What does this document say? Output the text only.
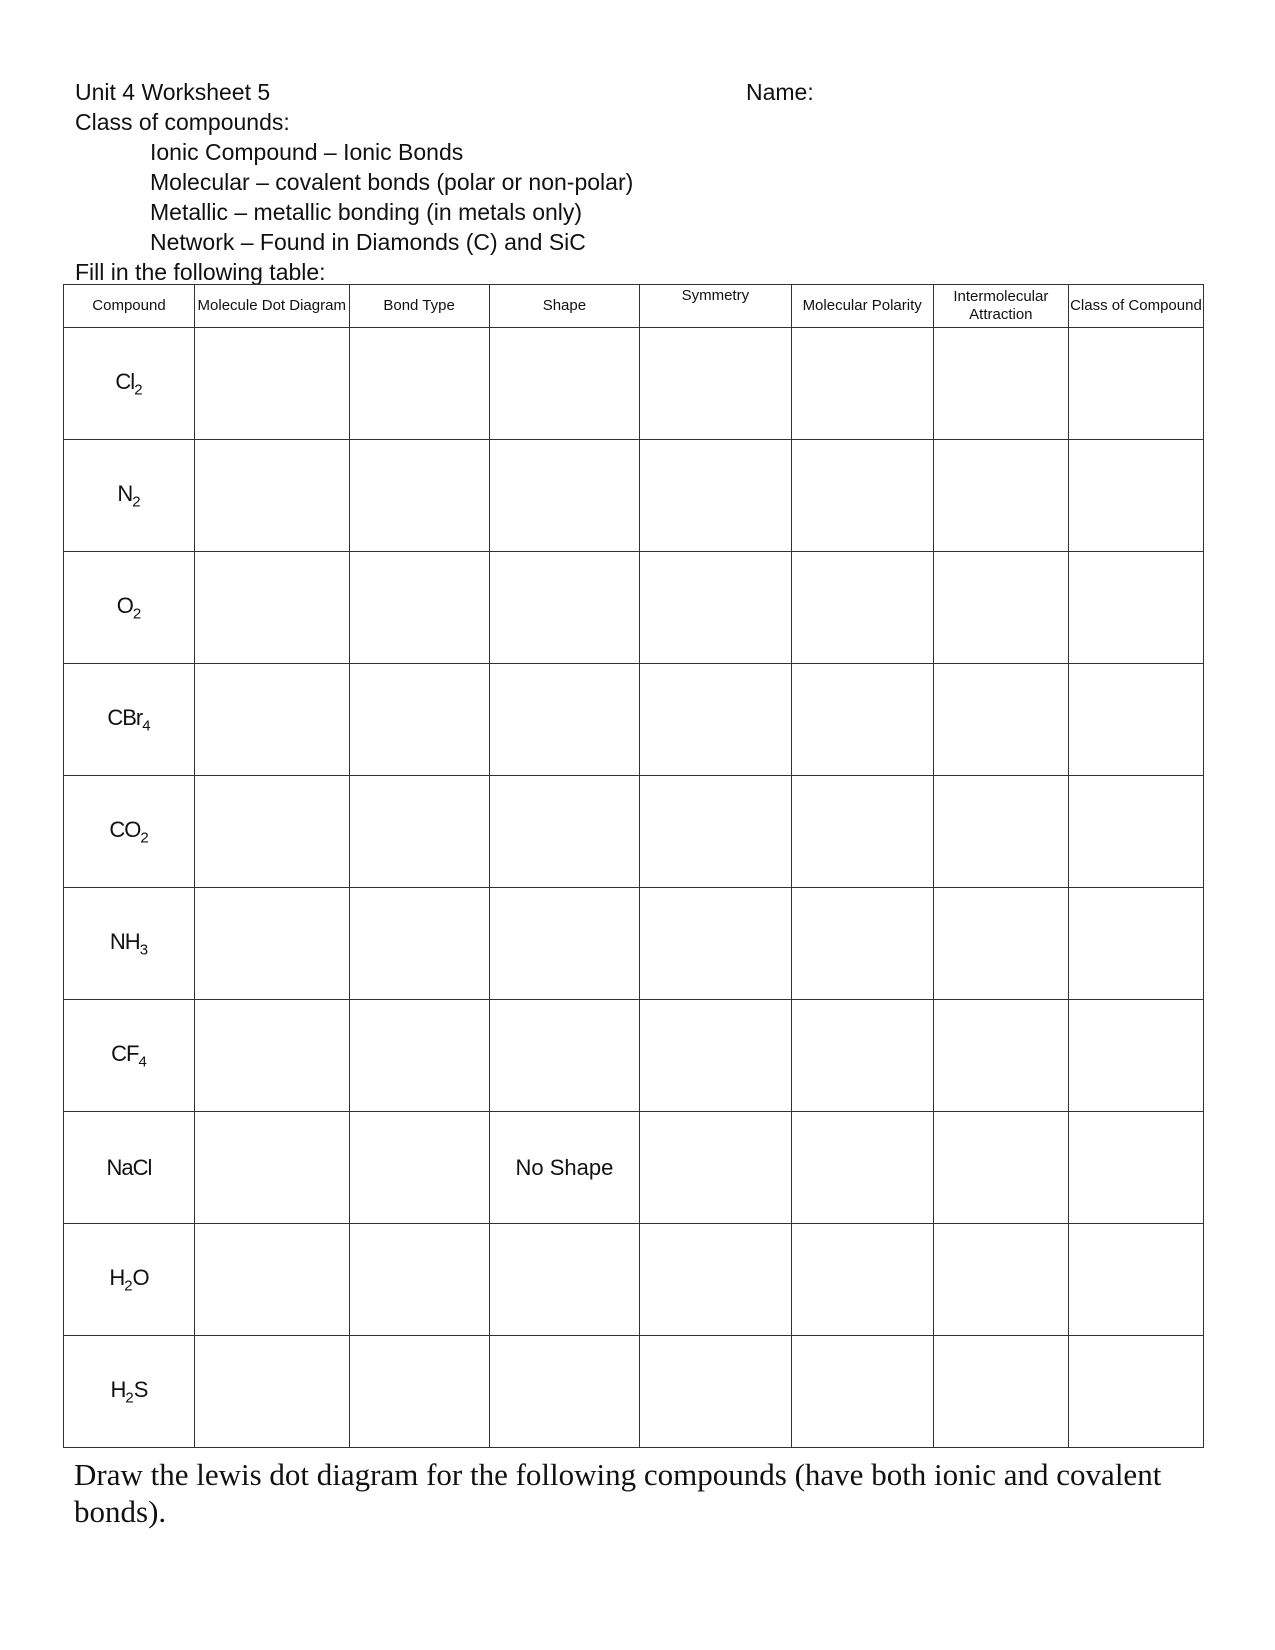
Unit 4 Worksheet 5	Name:
Class of compounds:
Ionic Compound – Ionic Bonds
Molecular – covalent bonds (polar or non-polar)
Metallic – metallic bonding (in metals only)
Network – Found in Diamonds (C) and SiC
Fill in the following table:
Compound	Molecule Dot Diagram	Bond Type	Shape	Symmetry	Molecular Polarity	Intermolecular Attraction	Class of Compound
$Cl_2$							
$N_2$							
$O_2$							
CBr$_4$							
$CO_2$							
$NH_3$							
$CF_4$							
NaCl			No Shape				
$H_2O$							
$H_2S$							
Draw the lewis dot diagram for the following compounds (have both ionic and covalent bonds).
